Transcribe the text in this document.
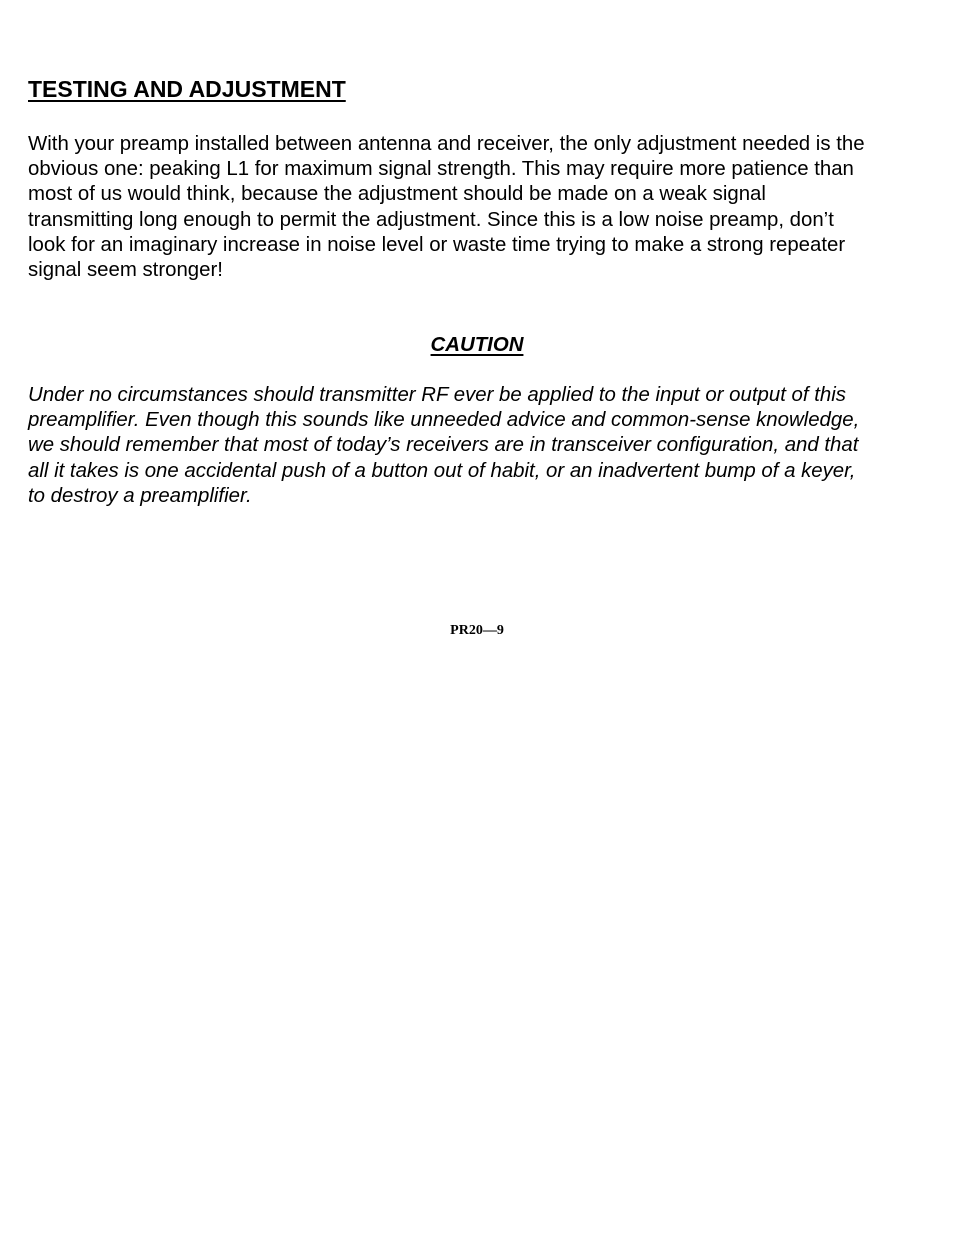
TESTING AND ADJUSTMENT
With your preamp installed between antenna and receiver, the only adjustment needed is the
obvious one: peaking L1 for maximum signal strength. This may require more patience than
most of us would think, because the adjustment should be made on a weak signal
transmitting long enough to permit the adjustment. Since this is a low noise preamp, don’t
look for an imaginary increase in noise level or waste time trying to make a strong repeater
signal seem stronger!
CAUTION
Under no circumstances should transmitter RF ever be applied to the input or output of this
preamplifier. Even though this sounds like unneeded advice and common-sense knowledge,
we should remember that most of today’s receivers are in transceiver configuration, and that
all it takes is one accidental push of a button out of habit, or an inadvertent bump of a keyer,
to destroy a preamplifier.
PR20—9
